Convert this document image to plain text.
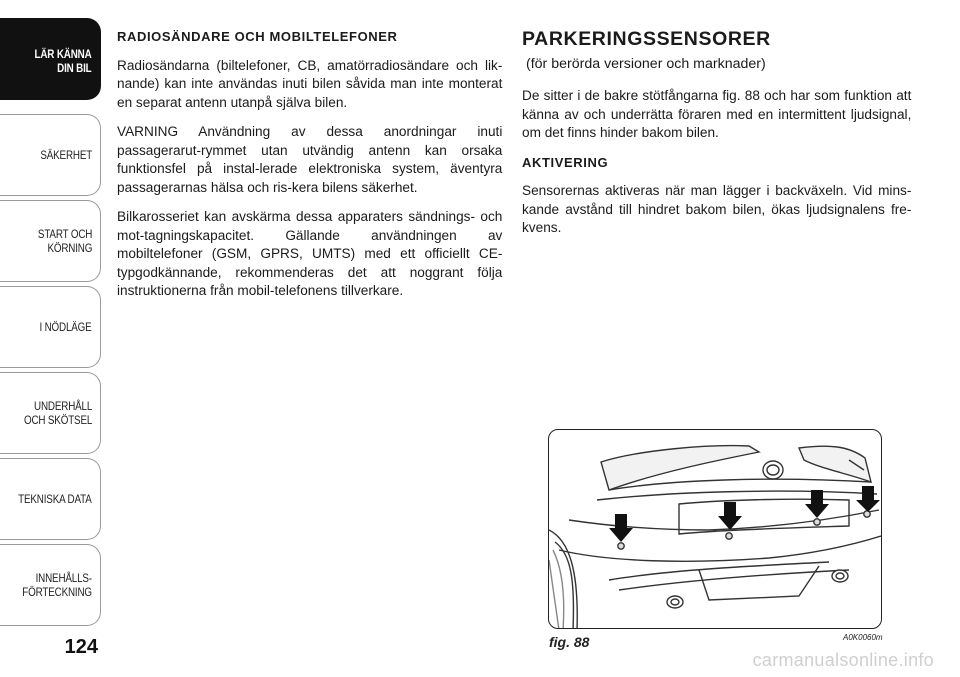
LÄR KÄNNA
DIN BIL
SÄKERHET
START OCH
KÖRNING
I NÖDLÄGE
UNDERHÅLL
OCH SKÖTSEL
TEKNISKA DATA
INNEHÅLLS-
FÖRTECKNING
124
RADIOSÄNDARE OCH MOBILTELEFONER

Radiosändarna (biltelefoner, CB, amatörradiosändare och lik-nande) kan inte användas inuti bilen såvida man inte monterat en separat antenn utanpå själva bilen.

VARNING Användning av dessa anordningar inuti passagerarut-rymmet utan utvändig antenn kan orsaka funktionsfel på instal-lerade elektroniska system, äventyra passagerarnas hälsa och ris-kera bilens säkerhet.

Bilkarosseriet kan avskärma dessa apparaters sändnings- och mot-tagningskapacitet. Gällande användningen av mobiltelefoner (GSM, GPRS, UMTS) med ett officiellt CE-typgodkännande, rekommenderas det att noggrant följa instruktionerna från mobil-telefonens tillverkare.

PARKERINGSSENSORER
(för berörda versioner och marknader)

De sitter i de bakre stötfångarna fig. 88 och har som funktion att känna av och underrätta föraren med en intermittent ljudsignal, om det finns hinder bakom bilen.

AKTIVERING

Sensorernas aktiveras när man lägger i backväxeln. Vid mins-kande avstånd till hindret bakom bilen, ökas ljudsignalens fre-kvens.

fig. 88	A0K0060m
carmanualsonline.info
